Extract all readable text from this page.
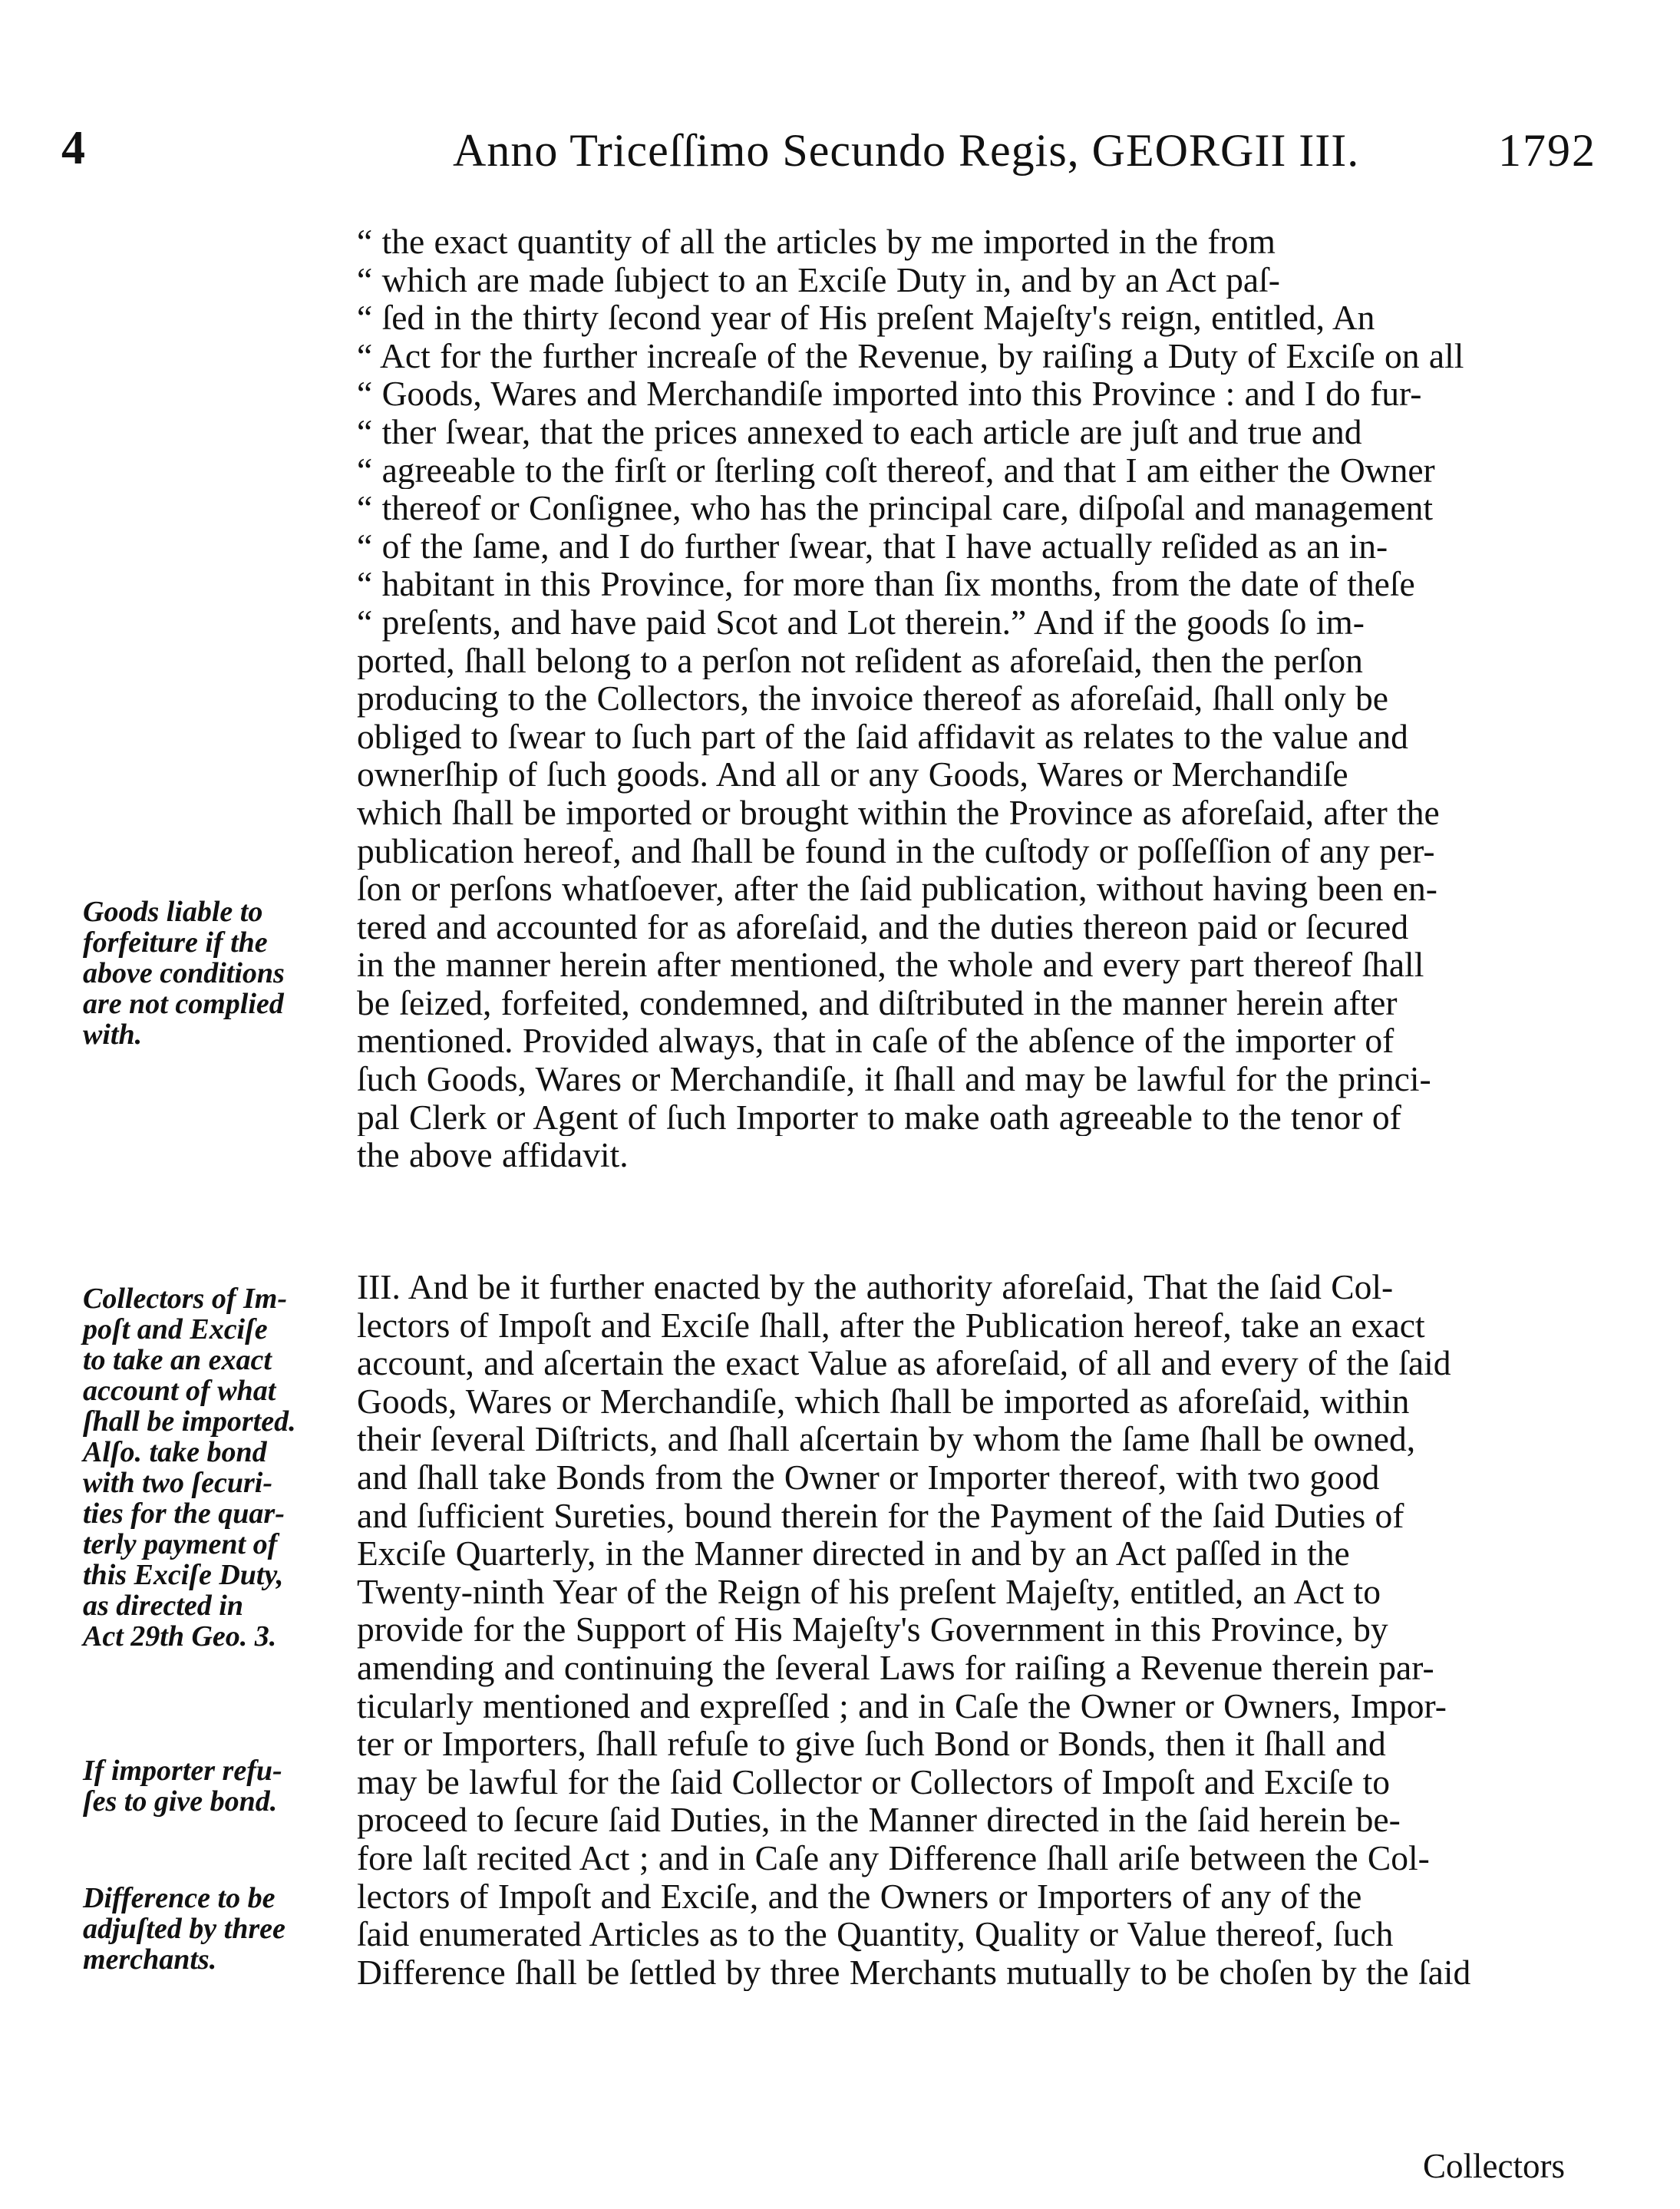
4	Anno Triceſſimo Secundo Regis, GEORGII III.	1792
Goods liable to
forfeiture if the
above conditions
are not complied
with.
Collectors of Im-
poſt and Exciſe
to take an exact
account of what
ſhall be imported.
Alſo. take bond
with two ſecuri-
ties for the quar-
terly payment of
this Exciſe Duty,
as directed in
Act 29th Geo. 3.
If importer refu-
ſes to give bond.
Difference to be
adjuſted by three
merchants.
“ the exact quantity of all the articles by me imported in the from
“ which are made ſubject to an Exciſe Duty in, and by an Act paſ-
“ ſed in the thirty ſecond year of His preſent Majeſty's reign, entitled, An
“ Act for the further increaſe of the Revenue, by raiſing a Duty of Exciſe on all
“ Goods, Wares and Merchandiſe imported into this Province : and I do fur-
“ ther ſwear, that the prices annexed to each article are juſt and true and
“ agreeable to the firſt or ſterling coſt thereof, and that I am either the Owner
“ thereof or Conſignee, who has the principal care, diſpoſal and management
“ of the ſame, and I do further ſwear, that I have actually reſided as an in-
“ habitant in this Province, for more than ſix months, from the date of theſe
“ preſents, and have paid Scot and Lot therein.” And if the goods ſo im-
ported, ſhall belong to a perſon not reſident as aforeſaid, then the perſon
producing to the Collectors, the invoice thereof as aforeſaid, ſhall only be
obliged to ſwear to ſuch part of the ſaid affidavit as relates to the value and
ownerſhip of ſuch goods. And all or any Goods, Wares or Merchandiſe
which ſhall be imported or brought within the Province as aforeſaid, after the
publication hereof, and ſhall be found in the cuſtody or poſſeſſion of any per-
ſon or perſons whatſoever, after the ſaid publication, without having been en-
tered and accounted for as aforeſaid, and the duties thereon paid or ſecured
in the manner herein after mentioned, the whole and every part thereof ſhall
be ſeized, forfeited, condemned, and diſtributed in the manner herein after
mentioned. Provided always, that in caſe of the abſence of the importer of
ſuch Goods, Wares or Merchandiſe, it ſhall and may be lawful for the princi-
pal Clerk or Agent of ſuch Importer to make oath agreeable to the tenor of
the above affidavit.
III. And be it further enacted by the authority aforeſaid, That the ſaid Col-
lectors of Impoſt and Exciſe ſhall, after the Publication hereof, take an exact
account, and aſcertain the exact Value as aforeſaid, of all and every of the ſaid
Goods, Wares or Merchandiſe, which ſhall be imported as aforeſaid, within
their ſeveral Diſtricts, and ſhall aſcertain by whom the ſame ſhall be owned,
and ſhall take Bonds from the Owner or Importer thereof, with two good
and ſufficient Sureties, bound therein for the Payment of the ſaid Duties of
Exciſe Quarterly, in the Manner directed in and by an Act paſſed in the
Twenty-ninth Year of the Reign of his preſent Majeſty, entitled, an Act to
provide for the Support of His Majeſty's Government in this Province, by
amending and continuing the ſeveral Laws for raiſing a Revenue therein par-
ticularly mentioned and expreſſed ; and in Caſe the Owner or Owners, Impor-
ter or Importers, ſhall refuſe to give ſuch Bond or Bonds, then it ſhall and
may be lawful for the ſaid Collector or Collectors of Impoſt and Exciſe to
proceed to ſecure ſaid Duties, in the Manner directed in the ſaid herein be-
fore laſt recited Act ; and in Caſe any Difference ſhall ariſe between the Col-
lectors of Impoſt and Exciſe, and the Owners or Importers of any of the
ſaid enumerated Articles as to the Quantity, Quality or Value thereof, ſuch
Difference ſhall be ſettled by three Merchants mutually to be choſen by the ſaid
Collectors
